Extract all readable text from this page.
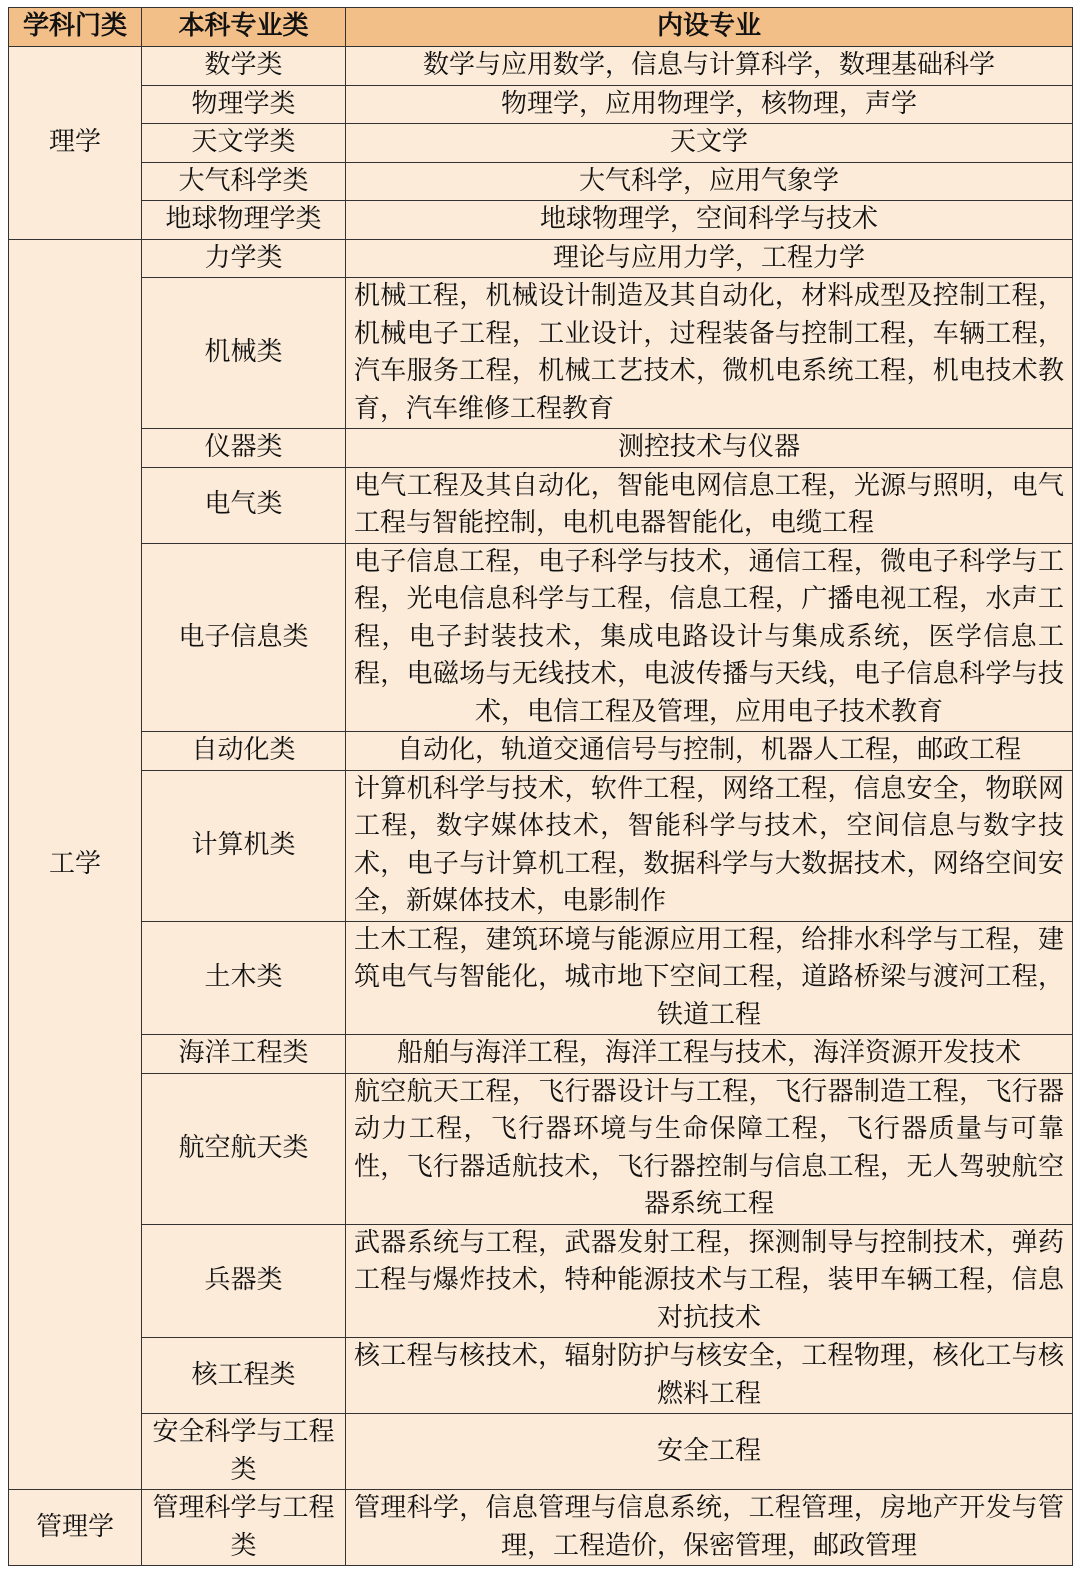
学科门类	本科专业类	内设专业
理学	数学类	数学与应用数学，信息与计算科学，数理基础科学
	物理学类	物理学，应用物理学，核物理，声学
	天文学类	天文学
	大气科学类	大气科学，应用气象学
	地球物理学类	地球物理学，空间科学与技术
工学	力学类	理论与应用力学，工程力学
	机械类	机械工程，机械设计制造及其自动化，材料成型及控制工程，机械电子工程，工业设计，过程装备与控制工程，车辆工程，汽车服务工程，机械工艺技术，微机电系统工程，机电技术教育，汽车维修工程教育
	仪器类	测控技术与仪器
	电气类	电气工程及其自动化，智能电网信息工程，光源与照明，电气工程与智能控制，电机电器智能化，电缆工程
	电子信息类	电子信息工程，电子科学与技术，通信工程，微电子科学与工程，光电信息科学与工程，信息工程，广播电视工程，水声工程，电子封装技术，集成电路设计与集成系统，医学信息工程，电磁场与无线技术，电波传播与天线，电子信息科学与技术，电信工程及管理，应用电子技术教育
	自动化类	自动化，轨道交通信号与控制，机器人工程，邮政工程
	计算机类	计算机科学与技术，软件工程，网络工程，信息安全，物联网工程，数字媒体技术，智能科学与技术，空间信息与数字技术，电子与计算机工程，数据科学与大数据技术，网络空间安全，新媒体技术，电影制作
	土木类	土木工程，建筑环境与能源应用工程，给排水科学与工程，建筑电气与智能化，城市地下空间工程，道路桥梁与渡河工程，铁道工程
	海洋工程类	船舶与海洋工程，海洋工程与技术，海洋资源开发技术
	航空航天类	航空航天工程，飞行器设计与工程，飞行器制造工程，飞行器动力工程，飞行器环境与生命保障工程，飞行器质量与可靠性，飞行器适航技术，飞行器控制与信息工程，无人驾驶航空器系统工程
	兵器类	武器系统与工程，武器发射工程，探测制导与控制技术，弹药工程与爆炸技术，特种能源技术与工程，装甲车辆工程，信息对抗技术
	核工程类	核工程与核技术，辐射防护与核安全，工程物理，核化工与核燃料工程
	安全科学与工程类	安全工程
管理学	管理科学与工程类	管理科学，信息管理与信息系统，工程管理，房地产开发与管理，工程造价，保密管理，邮政管理
